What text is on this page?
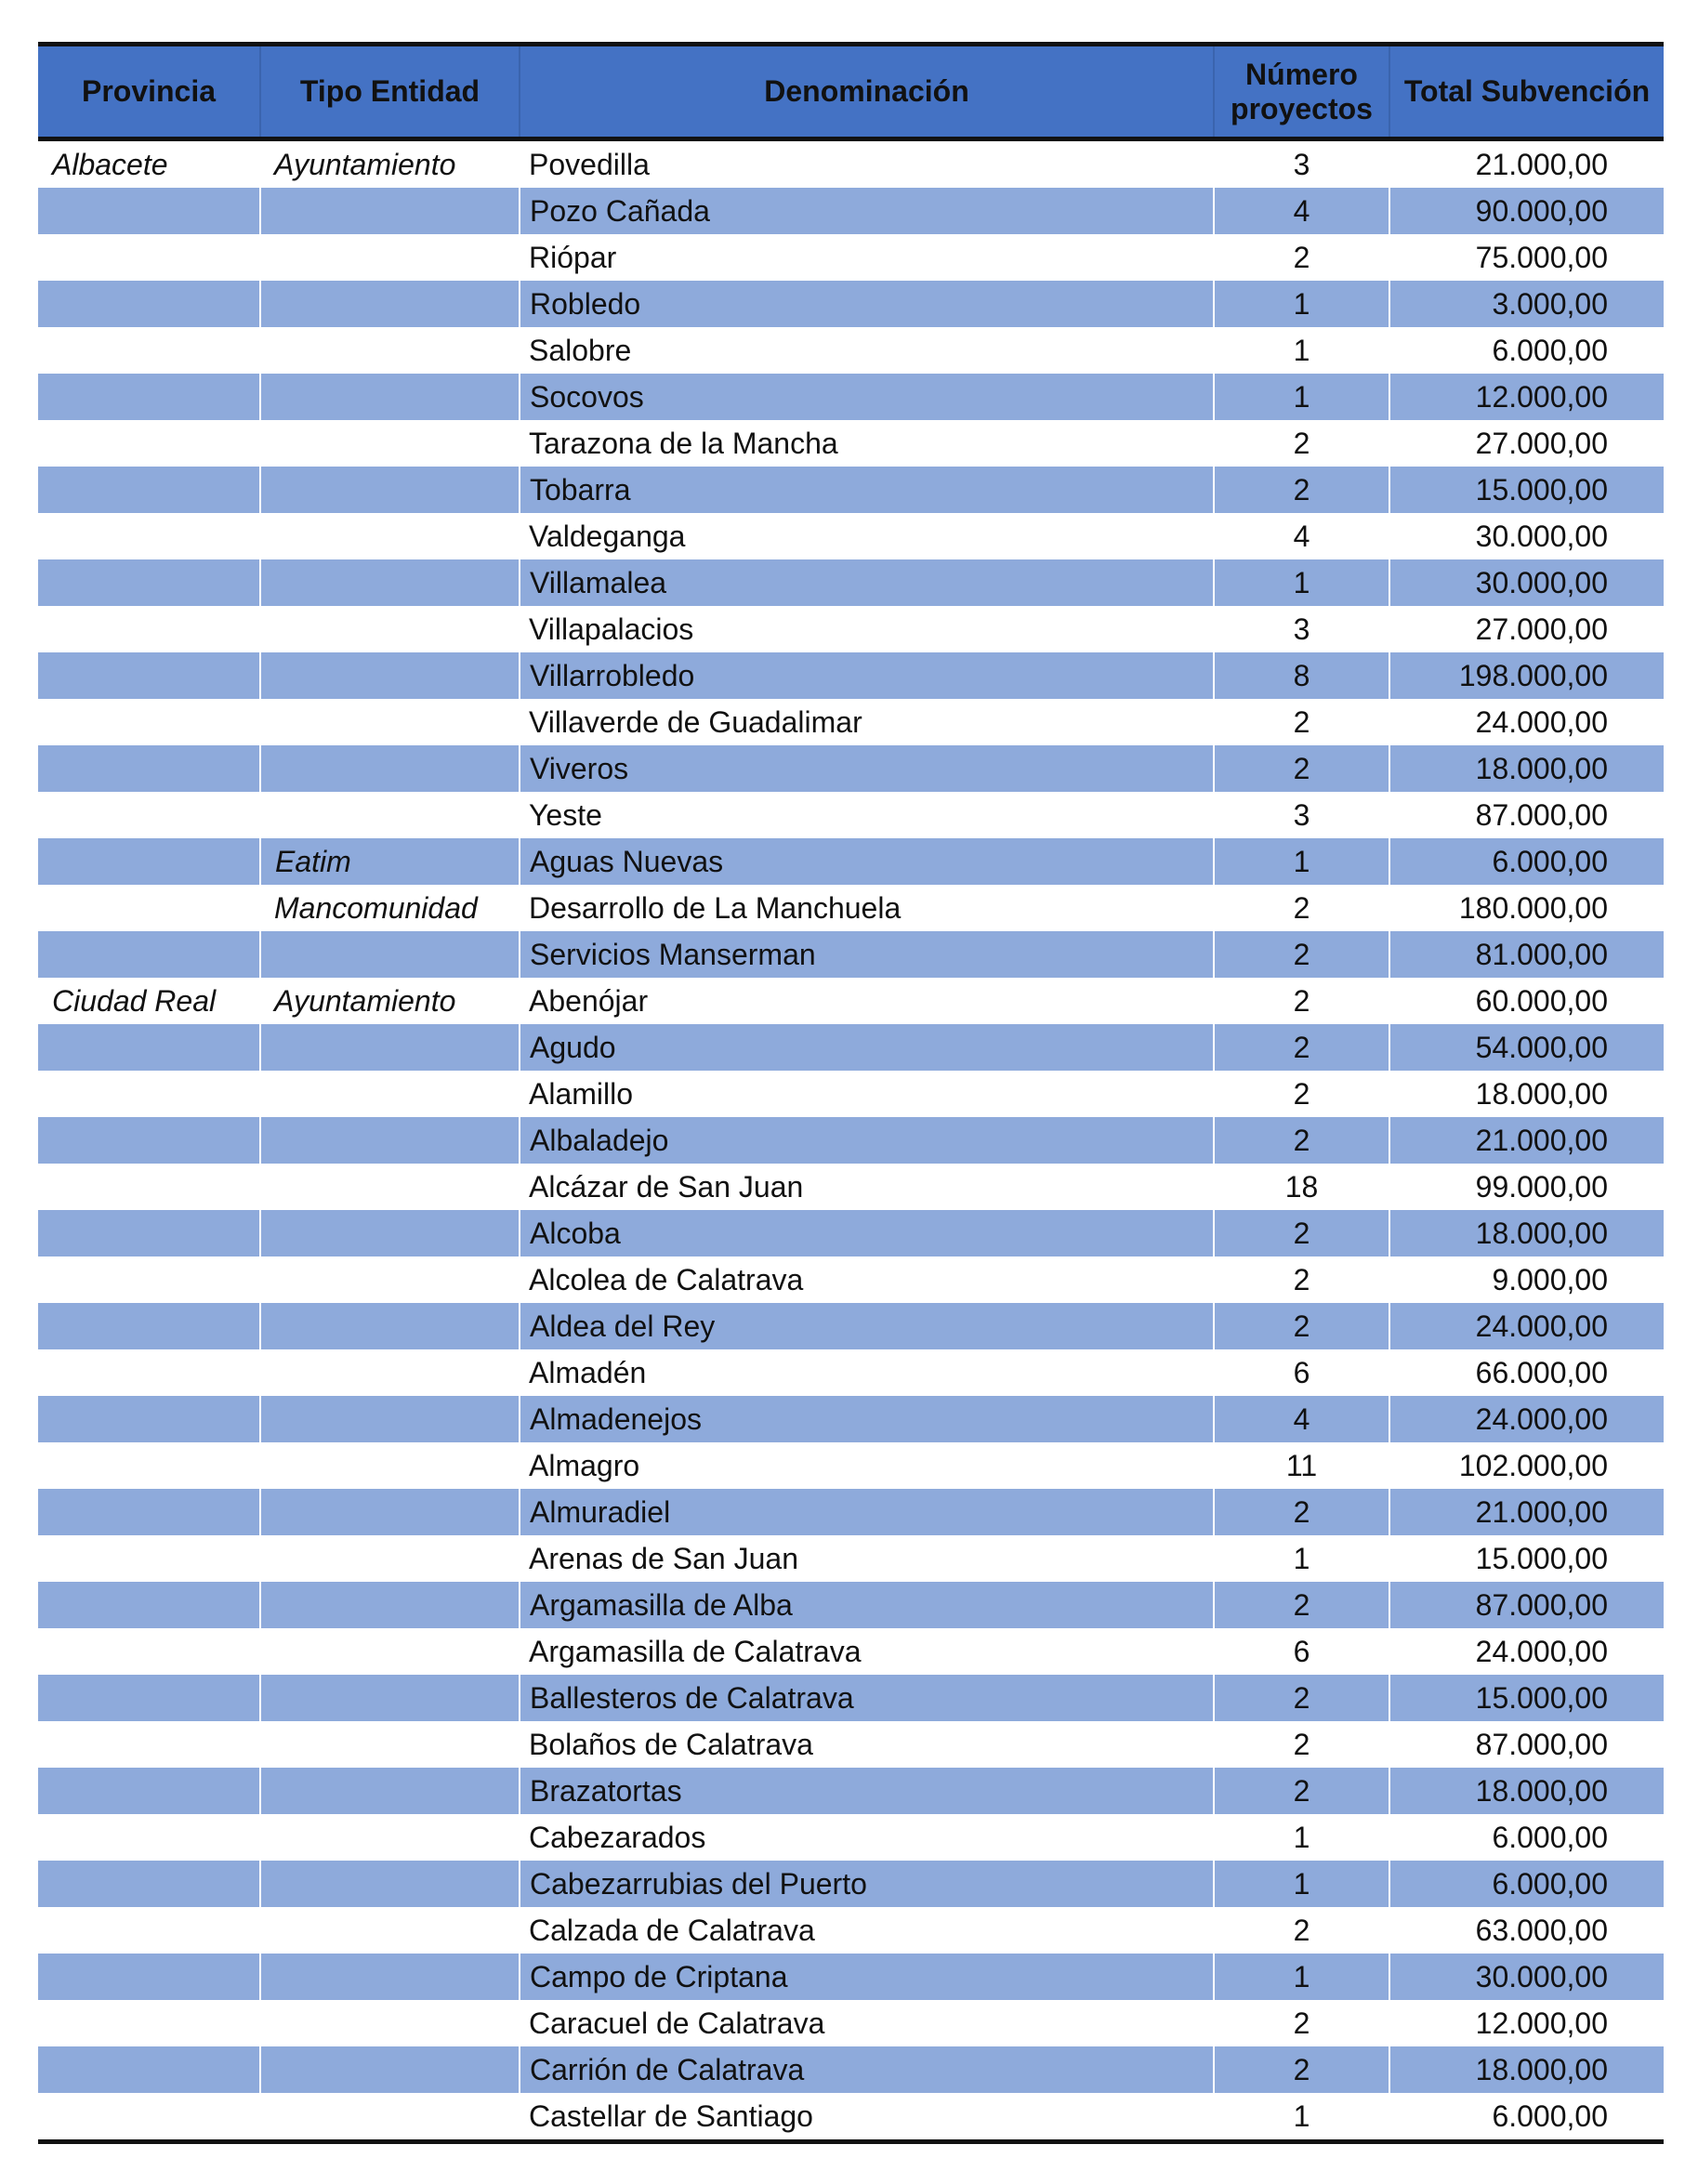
Provincia	Tipo Entidad	Denominación	Número proyectos	Total Subvención
Albacete	Ayuntamiento	Povedilla	3	21.000,00
		Pozo Cañada	4	90.000,00
		Riópar	2	75.000,00
		Robledo	1	3.000,00
		Salobre	1	6.000,00
		Socovos	1	12.000,00
		Tarazona de la Mancha	2	27.000,00
		Tobarra	2	15.000,00
		Valdeganga	4	30.000,00
		Villamalea	1	30.000,00
		Villapalacios	3	27.000,00
		Villarrobledo	8	198.000,00
		Villaverde de Guadalimar	2	24.000,00
		Viveros	2	18.000,00
		Yeste	3	87.000,00
	Eatim	Aguas Nuevas	1	6.000,00
	Mancomunidad	Desarrollo de La Manchuela	2	180.000,00
		Servicios Manserman	2	81.000,00
Ciudad Real	Ayuntamiento	Abenójar	2	60.000,00
		Agudo	2	54.000,00
		Alamillo	2	18.000,00
		Albaladejo	2	21.000,00
		Alcázar de San Juan	18	99.000,00
		Alcoba	2	18.000,00
		Alcolea de Calatrava	2	9.000,00
		Aldea del Rey	2	24.000,00
		Almadén	6	66.000,00
		Almadenejos	4	24.000,00
		Almagro	11	102.000,00
		Almuradiel	2	21.000,00
		Arenas de San Juan	1	15.000,00
		Argamasilla de Alba	2	87.000,00
		Argamasilla de Calatrava	6	24.000,00
		Ballesteros de Calatrava	2	15.000,00
		Bolaños de Calatrava	2	87.000,00
		Brazatortas	2	18.000,00
		Cabezarados	1	6.000,00
		Cabezarrubias del Puerto	1	6.000,00
		Calzada de Calatrava	2	63.000,00
		Campo de Criptana	1	30.000,00
		Caracuel de Calatrava	2	12.000,00
		Carrión de Calatrava	2	18.000,00
		Castellar de Santiago	1	6.000,00
